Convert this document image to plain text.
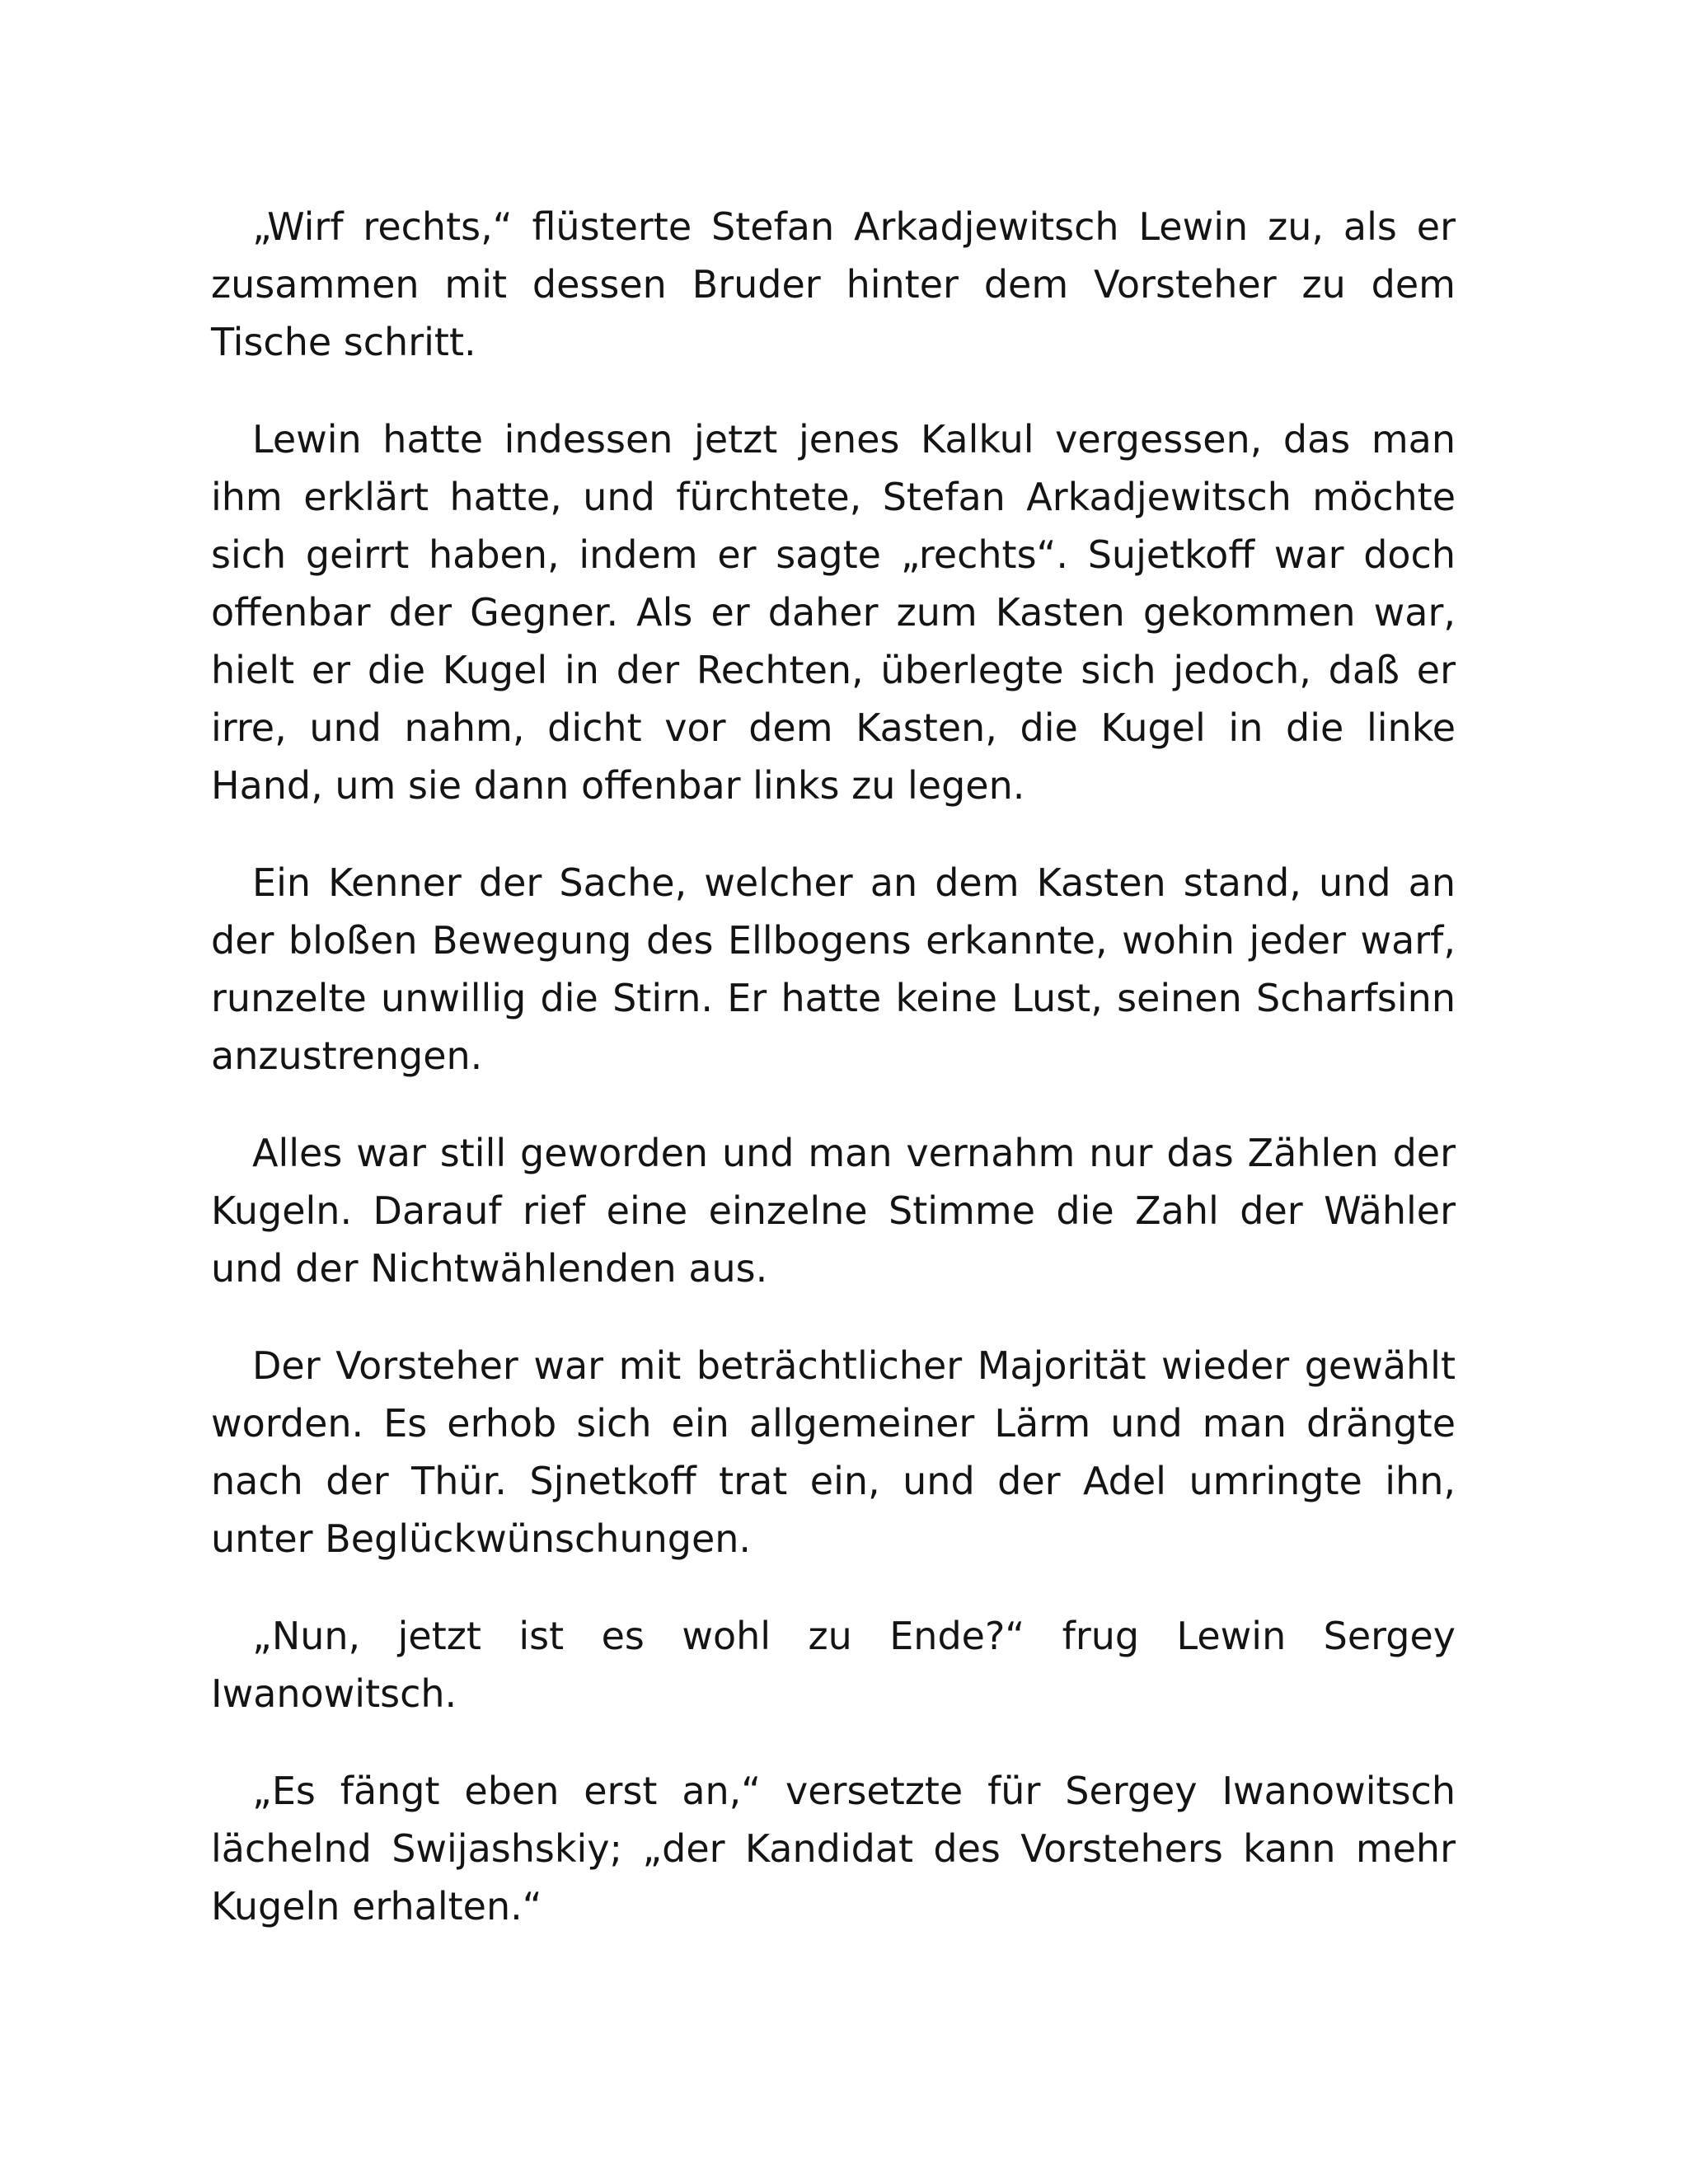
„Wirf rechts,“ flüsterte Stefan Arkadjewitsch Lewin zu, als er zusammen mit dessen Bruder hinter dem Vorsteher zu dem Tische schritt.

Lewin hatte indessen jetzt jenes Kalkul vergessen, das man ihm erklärt hatte, und fürchtete, Stefan Arkadjewitsch möchte sich geirrt haben, indem er sagte „rechts“. Sujetkoff war doch offenbar der Gegner. Als er daher zum Kasten gekommen war, hielt er die Kugel in der Rechten, überlegte sich jedoch, daß er irre, und nahm, dicht vor dem Kasten, die Kugel in die linke Hand, um sie dann offenbar links zu legen.

Ein Kenner der Sache, welcher an dem Kasten stand, und an der bloßen Bewegung des Ellbogens erkannte, wohin jeder warf, runzelte unwillig die Stirn. Er hatte keine Lust, seinen Scharfsinn anzustrengen.

Alles war still geworden und man vernahm nur das Zählen der Kugeln. Darauf rief eine einzelne Stimme die Zahl der Wähler und der Nichtwählenden aus.

Der Vorsteher war mit beträchtlicher Majorität wieder gewählt worden. Es erhob sich ein allgemeiner Lärm und man drängte nach der Thür. Sjnetkoff trat ein, und der Adel umringte ihn, unter Beglückwünschungen.

„Nun, jetzt ist es wohl zu Ende?“ frug Lewin Sergey Iwanowitsch.

„Es fängt eben erst an,“ versetzte für Sergey Iwanowitsch lächelnd Swijashskiy; „der Kandidat des Vorstehers kann mehr Kugeln erhalten.“
